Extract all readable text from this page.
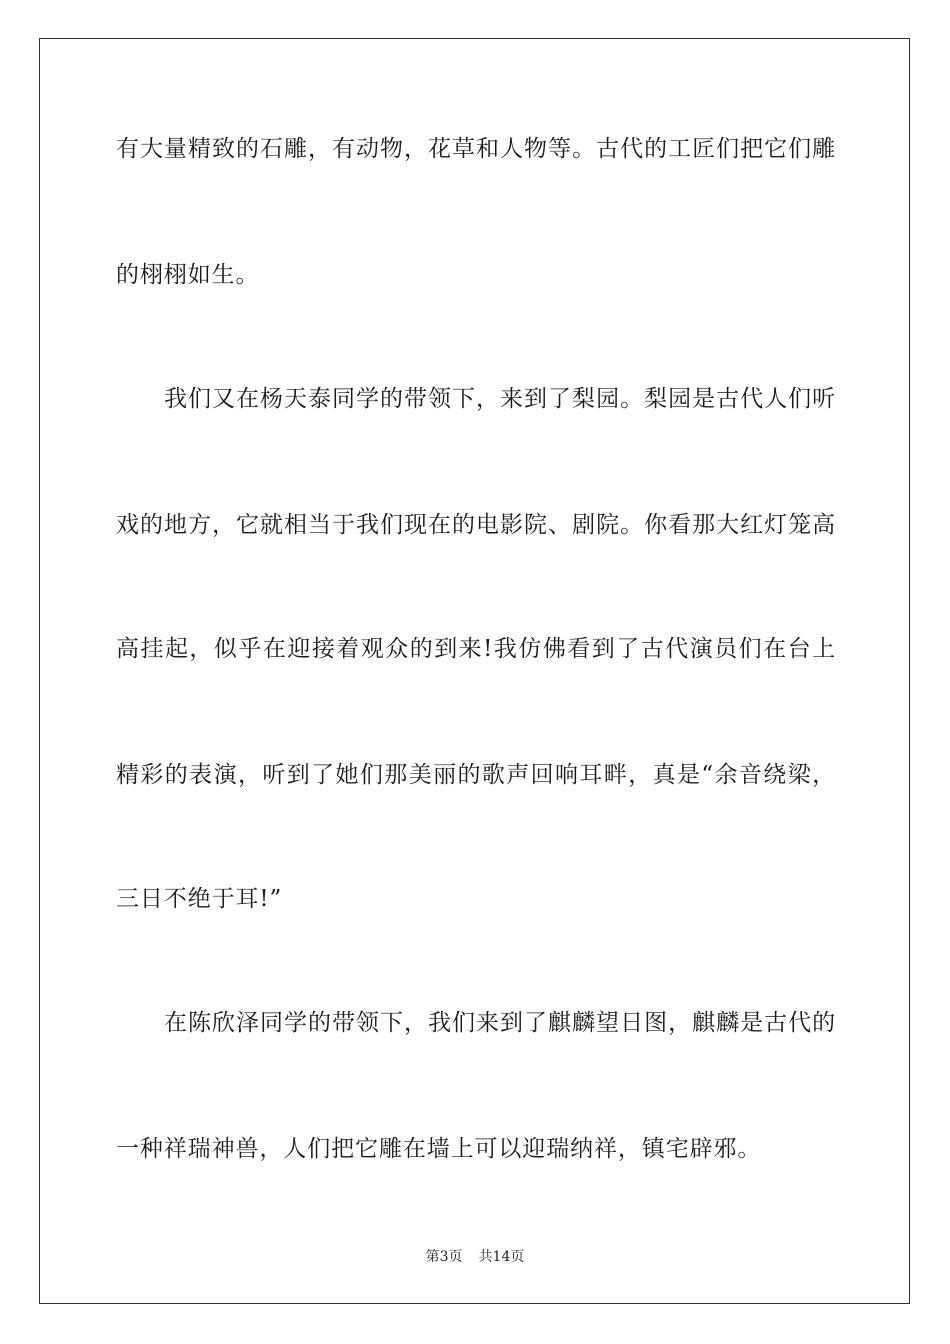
有大量精致的石雕，有动物，花草和人物等。古代的工匠们把它们雕
的栩栩如生。
我们又在杨天泰同学的带领下，来到了梨园。梨园是古代人们听
戏的地方，它就相当于我们现在的电影院、剧院。你看那大红灯笼高
高挂起，似乎在迎接着观众的到来!我仿佛看到了古代演员们在台上
精彩的表演，听到了她们那美丽的歌声回响耳畔，真是“余音绕梁，
三日不绝于耳!”
在陈欣泽同学的带领下，我们来到了麒麟望日图，麒麟是古代的
一种祥瑞神兽，人们把它雕在墙上可以迎瑞纳祥，镇宅辟邪。
第3页 共14页
